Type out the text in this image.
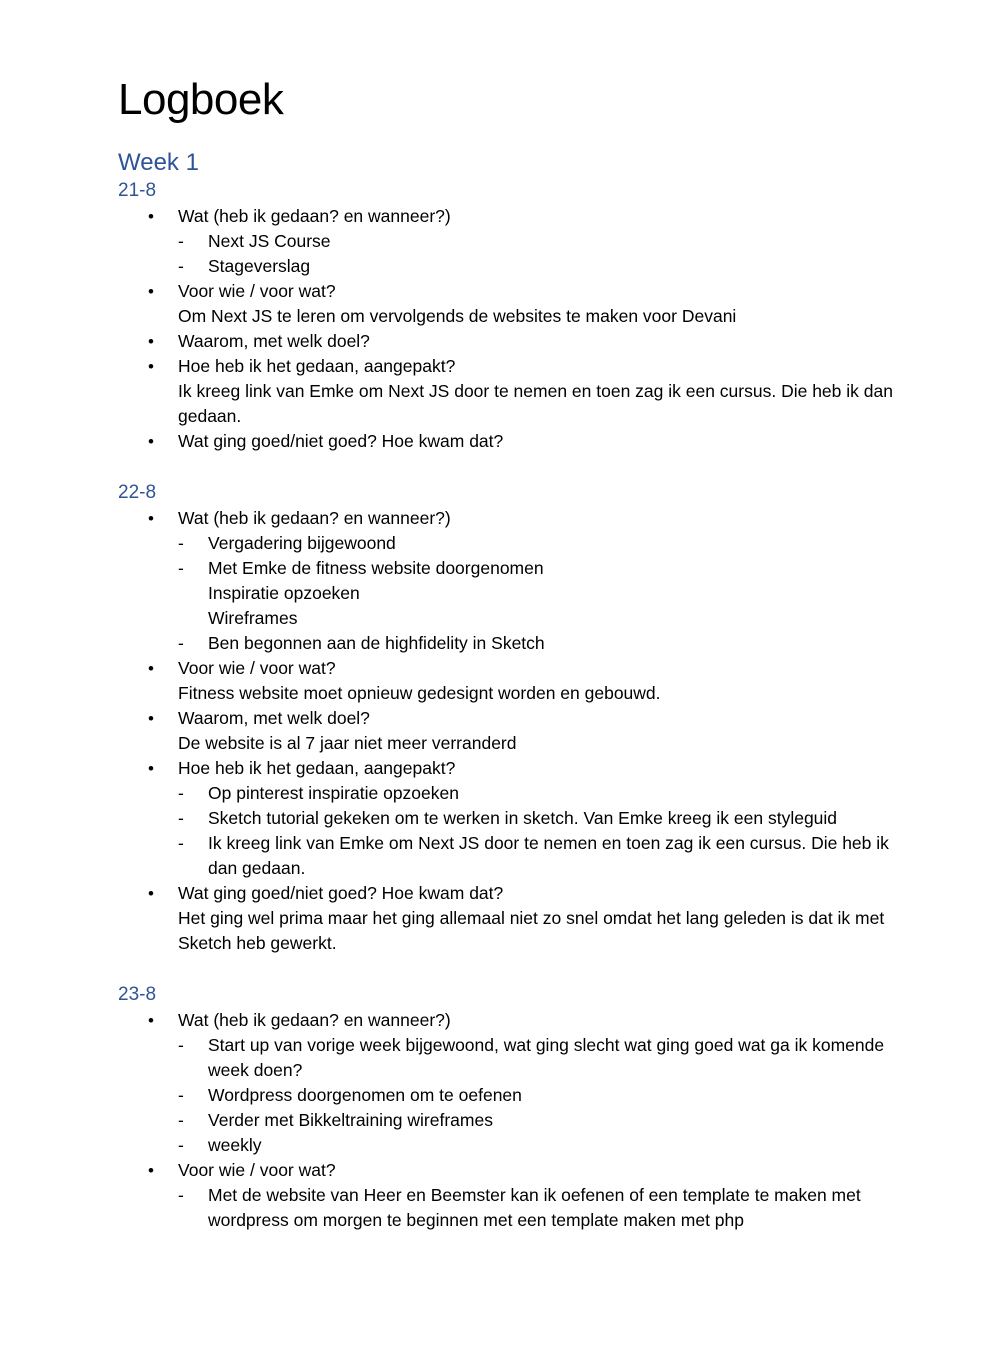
Logboek
Week 1
21-8
• Wat (heb ik gedaan? en wanneer?)
- Next JS Course
- Stageverslag
• Voor wie / voor wat?
Om Next JS te leren om vervolgends de websites te maken voor Devani
• Waarom, met welk doel?
• Hoe heb ik het gedaan, aangepakt?
Ik kreeg link van Emke om Next JS door te nemen en toen zag ik een cursus. Die heb ik dan gedaan.
• Wat ging goed/niet goed? Hoe kwam dat?
22-8
• Wat (heb ik gedaan? en wanneer?)
- Vergadering bijgewoond
- Met Emke de fitness website doorgenomen
Inspiratie opzoeken
Wireframes
- Ben begonnen aan de highfidelity in Sketch
• Voor wie / voor wat?
Fitness website moet opnieuw gedesignt worden en gebouwd.
• Waarom, met welk doel?
De website is al 7 jaar niet meer verranderd
• Hoe heb ik het gedaan, aangepakt?
- Op pinterest inspiratie opzoeken
- Sketch tutorial gekeken om te werken in sketch. Van Emke kreeg ik een styleguid
- Ik kreeg link van Emke om Next JS door te nemen en toen zag ik een cursus. Die heb ik dan gedaan.
• Wat ging goed/niet goed? Hoe kwam dat?
Het ging wel prima maar het ging allemaal niet zo snel omdat het lang geleden is dat ik met Sketch heb gewerkt.
23-8
• Wat (heb ik gedaan? en wanneer?)
- Start up van vorige week bijgewoond, wat ging slecht wat ging goed wat ga ik komende week doen?
- Wordpress doorgenomen om te oefenen
- Verder met Bikkeltraining wireframes
- weekly
• Voor wie / voor wat?
- Met de website van Heer en Beemster kan ik oefenen of een template te maken met wordpress om morgen te beginnen met een template maken met php
